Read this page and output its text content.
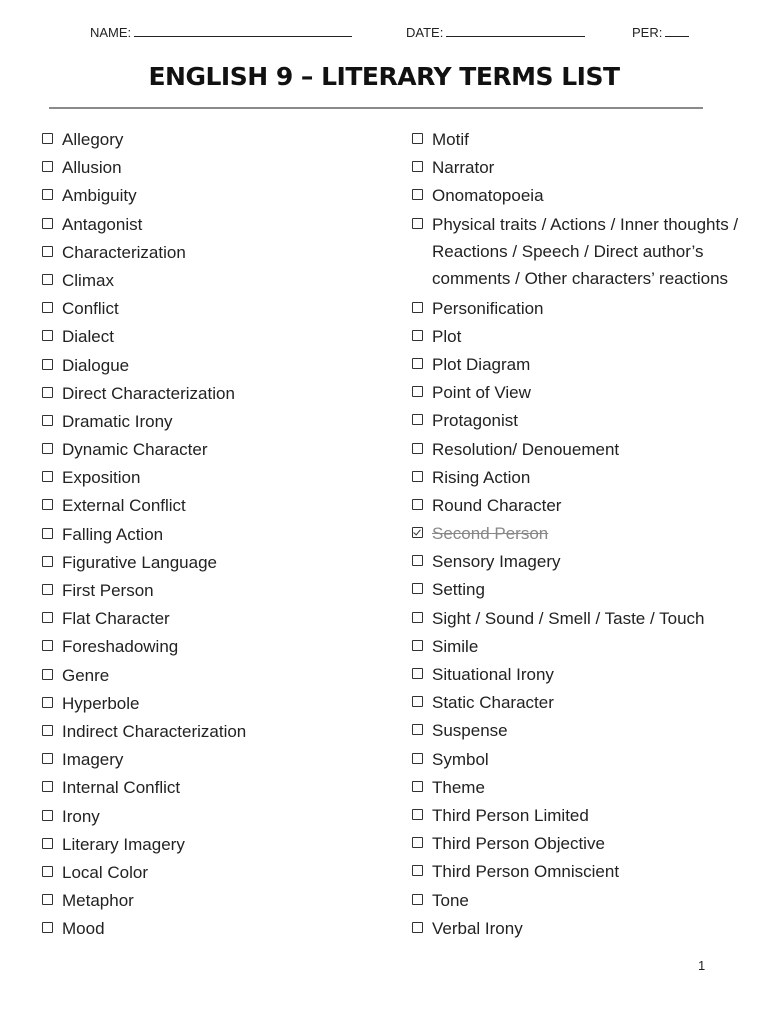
NAME:	DATE:	PER:
ENGLISH 9 – LITERARY TERMS LIST
Allegory
Allusion
Ambiguity
Antagonist
Characterization
Climax
Conflict
Dialect
Dialogue
Direct Characterization
Dramatic Irony
Dynamic Character
Exposition
External Conflict
Falling Action
Figurative Language
First Person
Flat Character
Foreshadowing
Genre
Hyperbole
Indirect Characterization
Imagery
Internal Conflict
Irony
Literary Imagery
Local Color
Metaphor
Mood
Motif
Narrator
Onomatopoeia
Physical traits / Actions / Inner thoughts / Reactions / Speech / Direct author’s comments / Other characters’ reactions
Personification
Plot
Plot Diagram
Point of View
Protagonist
Resolution/ Denouement
Rising Action
Round Character
Second Person
Sensory Imagery
Setting
Sight / Sound / Smell / Taste / Touch
Simile
Situational Irony
Static Character
Suspense
Symbol
Theme
Third Person Limited
Third Person Objective
Third Person Omniscient
Tone
Verbal Irony
1
